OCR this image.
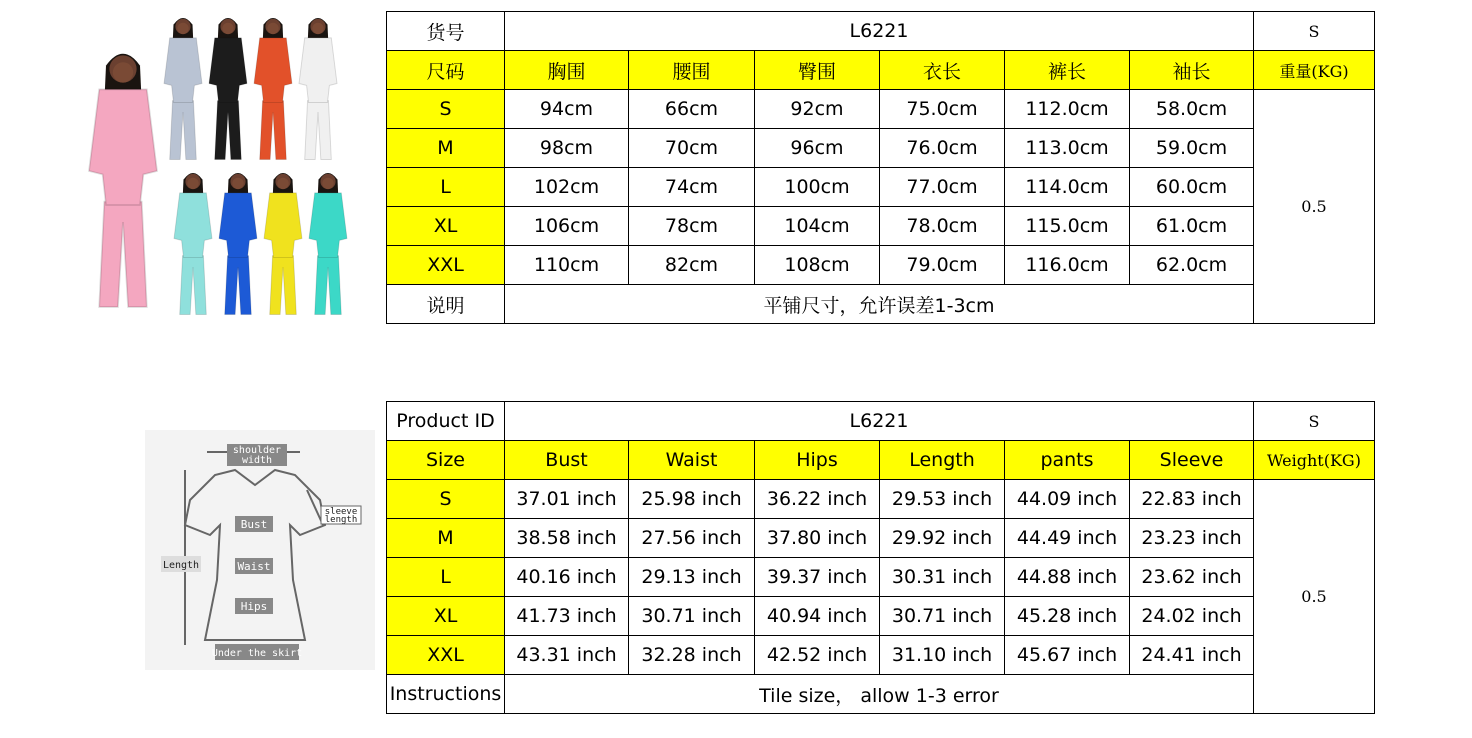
shoulder
width
sleeve
length
Bust
Length	Waist
Hips
Under the skirt
货号	L6221						S
尺码	胸围	腰围	臀围	衣长	裤长	袖长	重量(KG)
S	94cm	66cm	92cm	75.0cm	112.0cm	58.0cm	0.5
M	98cm	70cm	96cm	76.0cm	113.0cm	59.0cm	
L	102cm	74cm	100cm	77.0cm	114.0cm	60.0cm	
XL	106cm	78cm	104cm	78.0cm	115.0cm	61.0cm	
XXL	110cm	82cm	108cm	79.0cm	116.0cm	62.0cm	
说明	平铺尺寸，允许误差1-3cm						
Product ID	L6221						S
Size	Bust	Waist	Hips	Length	pants	Sleeve	Weight(KG)
S	37.01 inch	25.98 inch	36.22 inch	29.53 inch	44.09 inch	22.83 inch	0.5
M	38.58 inch	27.56 inch	37.80 inch	29.92 inch	44.49 inch	23.23 inch	
L	40.16 inch	29.13 inch	39.37 inch	30.31 inch	44.88 inch	23.62 inch	
XL	41.73 inch	30.71 inch	40.94 inch	30.71 inch	45.28 inch	24.02 inch	
XXL	43.31 inch	32.28 inch	42.52 inch	31.10 inch	45.67 inch	24.41 inch	
Instructions	Tile size， allow 1-3 error						
